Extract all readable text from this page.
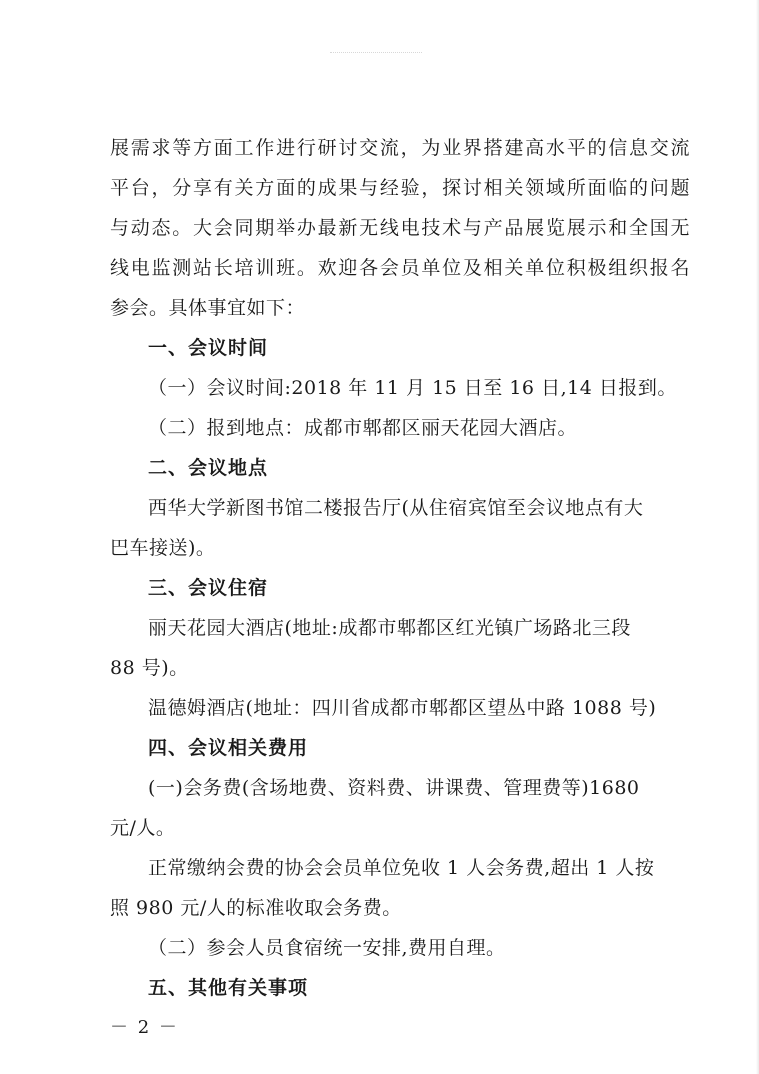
展需求等方面工作进行研讨交流，为业界搭建高水平的信息交流
平台，分享有关方面的成果与经验，探讨相关领域所面临的问题
与动态。大会同期举办最新无线电技术与产品展览展示和全国无
线电监测站长培训班。欢迎各会员单位及相关单位积极组织报名
参会。具体事宜如下：
一、会议时间
（一）会议时间:2018 年 11 月 15 日至 16 日,14 日报到。
（二）报到地点：成都市郫都区丽天花园大酒店。
二、会议地点
西华大学新图书馆二楼报告厅(从住宿宾馆至会议地点有大
巴车接送)。
三、会议住宿
丽天花园大酒店(地址:成都市郫都区红光镇广场路北三段
88 号)。
温德姆酒店(地址：四川省成都市郫都区望丛中路 1088 号)
四、会议相关费用
(一)会务费(含场地费、资料费、讲课费、管理费等)1680
元/人。
正常缴纳会费的协会会员单位免收 1 人会务费,超出 1 人按
照 980 元/人的标准收取会务费。
（二）参会人员食宿统一安排,费用自理。
五、其他有关事项
－ 2 －
